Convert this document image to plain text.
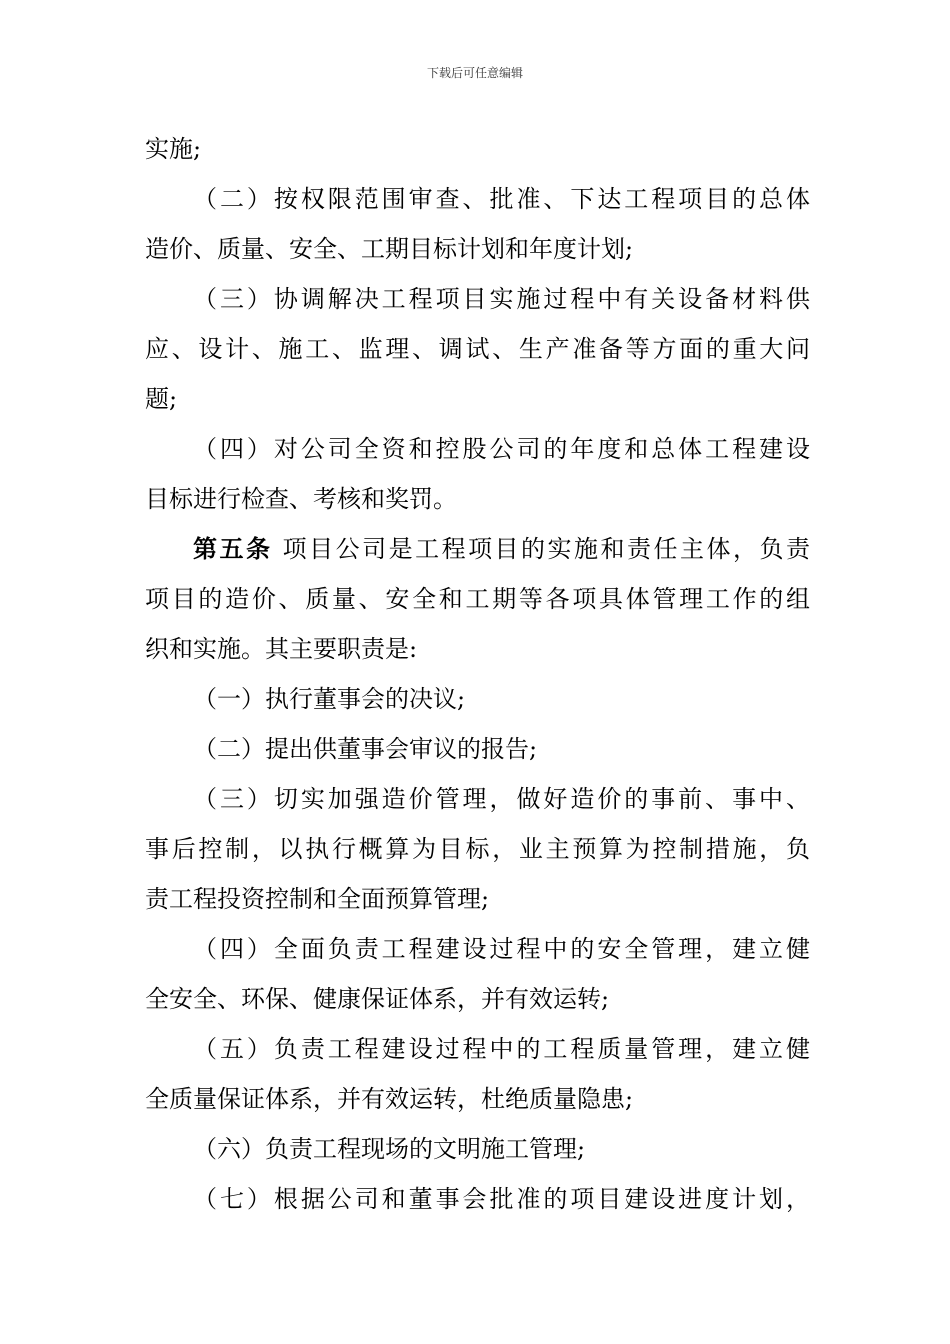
下载后可任意编辑
实施;
（二）按权限范围审查、批准、下达工程项目的总体
造价、质量、安全、工期目标计划和年度计划;
（三）协调解决工程项目实施过程中有关设备材料供
应、设计、施工、监理、调试、生产准备等方面的重大问
题;
（四）对公司全资和控股公司的年度和总体工程建设
目标进行检查、考核和奖罚。
第五条 项目公司是工程项目的实施和责任主体，负责
项目的造价、质量、安全和工期等各项具体管理工作的组
织和实施。其主要职责是:
（一）执行董事会的决议;
（二）提出供董事会审议的报告;
（三）切实加强造价管理，做好造价的事前、事中、
事后控制，以执行概算为目标，业主预算为控制措施，负
责工程投资控制和全面预算管理;
（四）全面负责工程建设过程中的安全管理，建立健
全安全、环保、健康保证体系，并有效运转;
（五）负责工程建设过程中的工程质量管理，建立健
全质量保证体系，并有效运转，杜绝质量隐患;
（六）负责工程现场的文明施工管理;
（七）根据公司和董事会批准的项目建设进度计划，
